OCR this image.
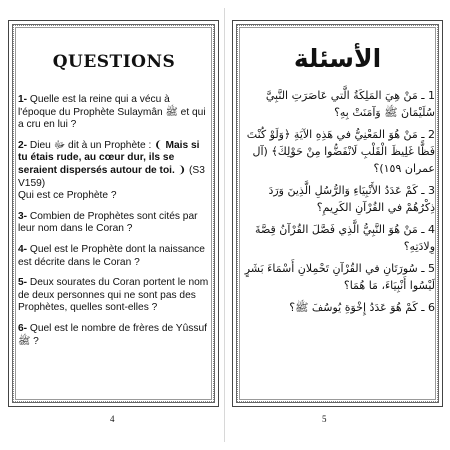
QUESTIONS

1- Quelle est la reine qui a vécu à l'époque du Prophète Sulaymân ﷺ et qui a cru en lui ?

2- Dieu ﷻ dit à un Prophète : ❨ Mais si tu étais rude, au cœur dur, ils se seraient dispersés autour de toi. ❩ (S3 V159)
Qui est ce Prophète ?

3- Combien de Prophètes sont cités par leur nom dans le Coran ?

4- Quel est le Prophète dont la naissance est décrite dans le Coran ?

5- Deux sourates du Coran portent le nom de deux personnes qui ne sont pas des Prophètes, quelles sont-elles ?

6- Quel est le nombre de frères de Yûssuf ﷺ ?

4
الأسئلة

1 ـ مَنْ هِيَ المَلِكَةُ الَّتي عَاصَرَتِ النَّبِيَّ سُلَيْمَانَ ﷺ وَآمَنَتْ بِهِ؟

2 ـ مَنْ هُوَ المَعْنِيُّ في هَذِهِ الآيَةِ ﴿وَلَوْ كُنْتَ فَظًّا غَلِيظَ الْقَلْبِ لَانْفَضُّوا مِنْ حَوْلِكَ﴾ (آل عمران ١٥٩)؟

3 ـ كَمْ عَدَدُ الأَنْبِيَاءِ وَالرُّسُلِ الَّذِينَ وَرَدَ ذِكْرُهُمْ في القُرْآنِ الكَرِيمِ؟

4 ـ مَنْ هُوَ النَّبِيُّ الَّذِي فَصَّلَ القُرْآنُ قِصَّةَ وِلادَتِهِ؟

5 ـ سُورَتَانِ في القُرْآنِ تَحْمِلانِ أَسْمَاءَ بَشَرٍ لَيْسُوا أَنْبِيَاءَ، مَا هُمَا؟

6 ـ كَمْ هُوَ عَدَدُ إِخْوَةِ يُوسُفَ ﷺ؟

5
